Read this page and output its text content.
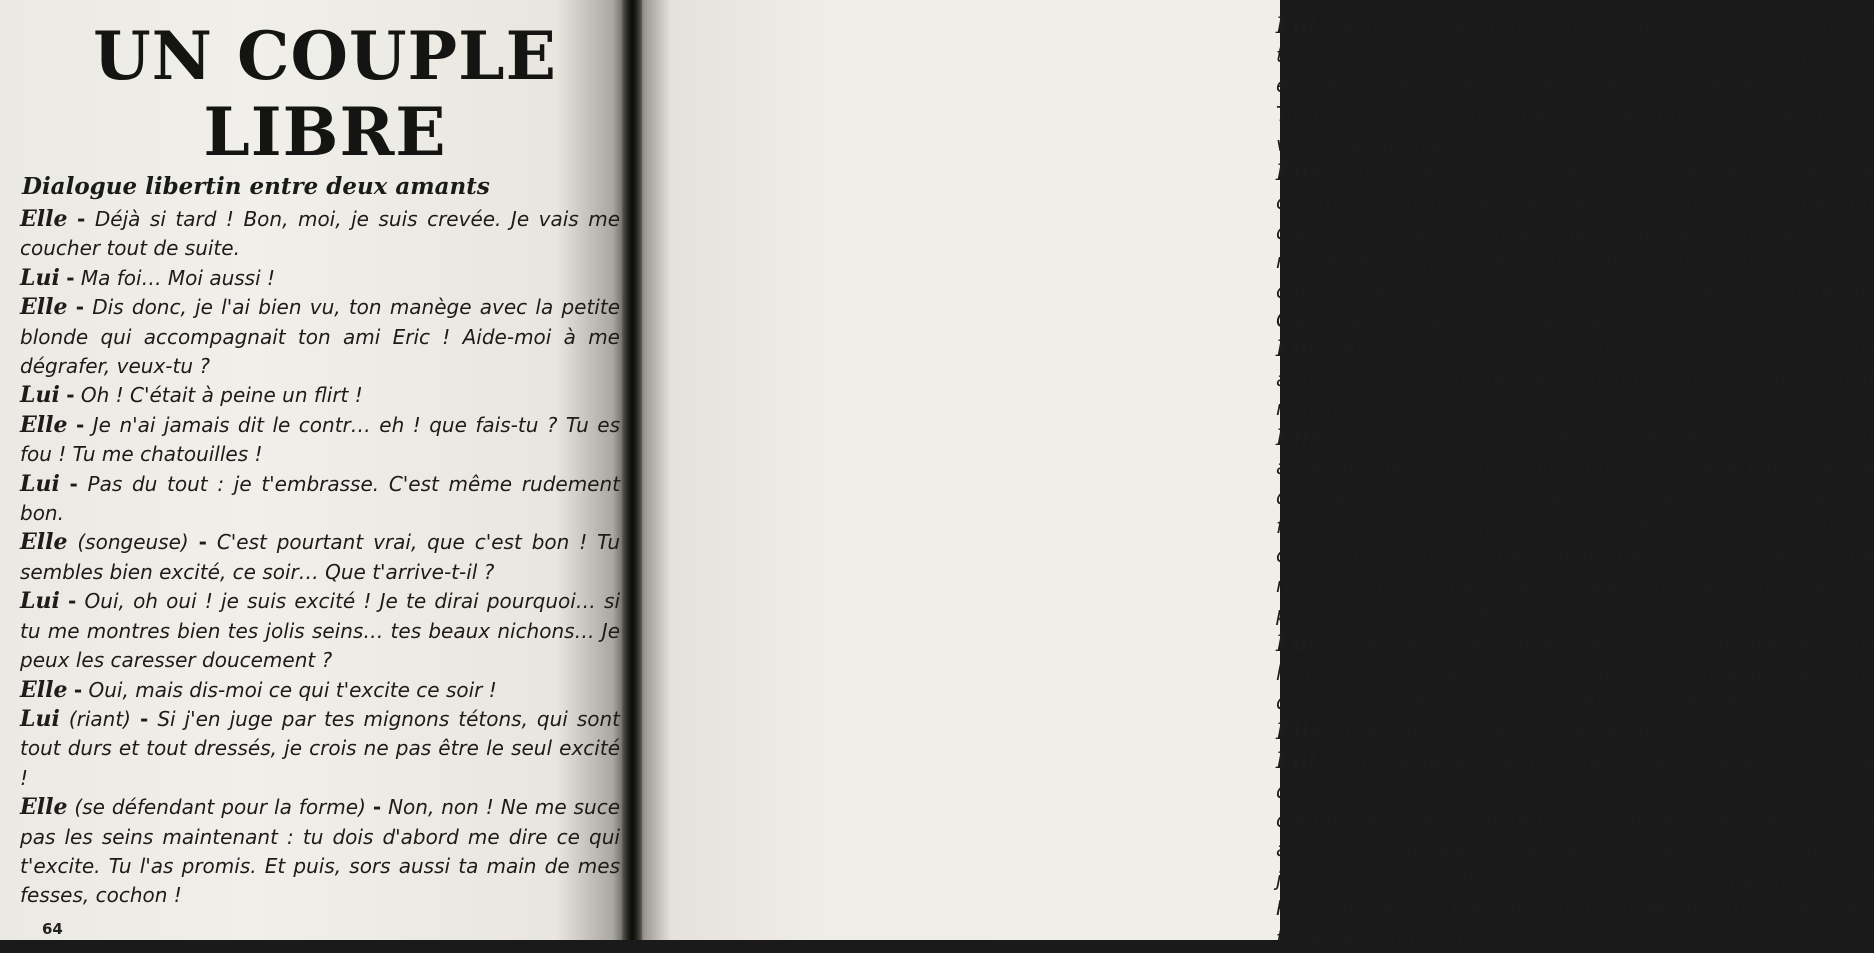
UN COUPLE
LIBRE
Dialogue libertin entre deux amants

Elle - Déjà si tard ! Bon, moi, je suis crevée. Je vais me coucher tout de suite.

Lui - Ma foi… Moi aussi !

Elle - Dis donc, je l'ai bien vu, ton manège avec la petite blonde qui accompagnait ton ami Eric ! Aide-moi à me dégrafer, veux-tu ?

Lui - Oh ! C'était à peine un flirt !

Elle - Je n'ai jamais dit le contr… eh ! que fais-tu ? Tu es fou ! Tu me chatouilles !

Lui - Pas du tout : je t'embrasse. C'est même rudement bon.

Elle (songeuse) - C'est pourtant vrai, que c'est bon ! Tu sembles bien excité, ce soir… Que t'arrive-t-il ?

Lui - Oui, oh oui ! je suis excité ! Je te dirai pourquoi… si tu me montres bien tes jolis seins… tes beaux nichons… Je peux les caresser doucement ?

Elle - Oui, mais dis-moi ce qui t'excite ce soir !

Lui (riant) - Si j'en juge par tes mignons tétons, qui sont tout durs et tout dressés, je crois ne pas être le seul excité !

Elle (se défendant pour la forme) - Non, non ! Ne me suce pas les seins maintenant : tu dois d'abord me dire ce qui t'excite. Tu l'as promis. Et puis, sors aussi ta main de mes fesses, cochon !

64

Lui - Bon, voilà, je te dis tout… Mais je laisse la main sur tes fesses pour pouvoir les pétrir, d'accord ? Ce qui m'a excité, d'ailleurs, je suis persuadé que tu le sais très bien. Tu me connais, n'est-ce pas ? Tu sais quels sont mes petits vices, ce qui m'émoustille…

Elle - Tu es excité parce que j'ai montré mes cuisses, ma culotte et mon porte-jarretelles à tout le monde, en dansant un french-cancan ? Je faisais semblant de ne pas m'apercevoir que j'étais impudique, mais je montrais mes cuisses exprès… Pour toi… Je savais que ça t'exciterait. C'est bien ça, hein, qui t'a excité ?

Lui - Ah oui, ça m'a aussi excité, ça… Mais c'est surtout autre chose… Tu ne devines pas quoi ? Tu crois que je n'ai rien vu ?

Elle (rougissante et un peu gênée, répondant tout en achevant de se mettre toute nue) - Tu veux parler de ce qui s'est passé avec Robert ? Tu sais… si nous avons flirtouillé un brin… juste un tout petit peu, pour rigoler… c'est surtout parce que j'avais pas mal bu… je ne me rendais pas très bien compte. De toute façon, nous avons parlé de toi sans arrêt.

Lui (incrédule) - Sans arrêt ? Ne sois pas menteuse : tout le monde vous a vus vous embrasser en vous pelotant, dans la cuisine dont la porte s'était mal fermée !

Elle - D'accord, on s'est un peu embrassés…

Lui - Pas seulement embrassés. Je vous observais, mine de rien. J'ai vu qu'il te passait la main sur les cuisses… comme je le fais maintenant. Tu aimes, n'est-ce pas ? Et avec lui, tu aimais ? N'aie pas peur, réponds-moi. Tu vois, je ne suis pas fâché, ni jaloux. Tu ne veux pas me dire ? Pourtant, je vois bien que tu as envie, que tu es excitée : tu ne peux pas t'empêcher
